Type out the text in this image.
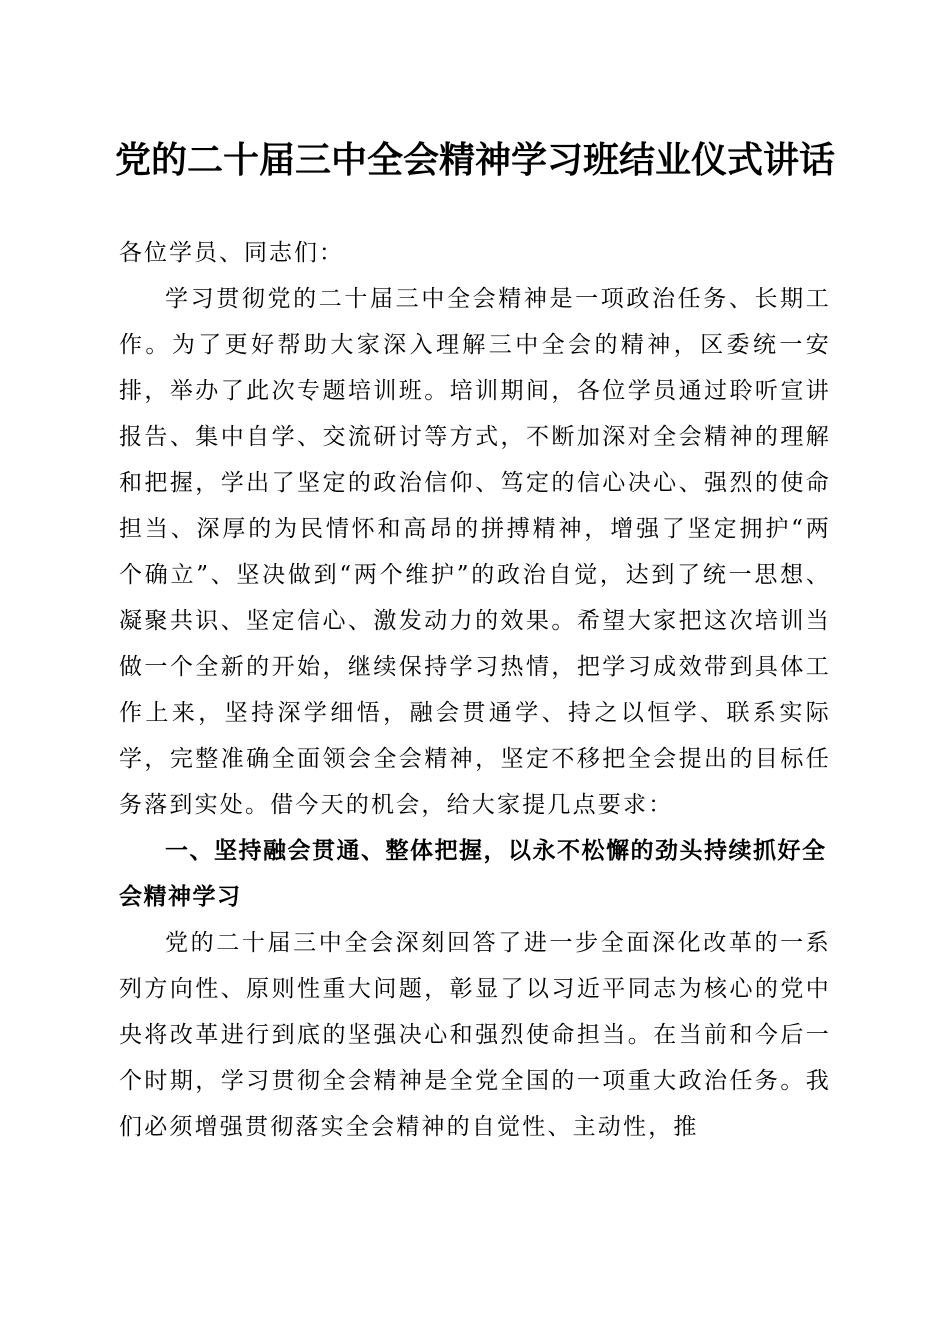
党的二十届三中全会精神学习班结业仪式讲话

各位学员、同志们：

学习贯彻党的二十届三中全会精神是一项政治任务、长期工作。为了更好帮助大家深入理解三中全会的精神，区委统一安排，举办了此次专题培训班。培训期间，各位学员通过聆听宣讲报告、集中自学、交流研讨等方式，不断加深对全会精神的理解和把握，学出了坚定的政治信仰、笃定的信心决心、强烈的使命担当、深厚的为民情怀和高昂的拼搏精神，增强了坚定拥护“两个确立”、坚决做到“两个维护”的政治自觉，达到了统一思想、凝聚共识、坚定信心、激发动力的效果。希望大家把这次培训当做一个全新的开始，继续保持学习热情，把学习成效带到具体工作上来，坚持深学细悟，融会贯通学、持之以恒学、联系实际学，完整准确全面领会全会精神，坚定不移把全会提出的目标任务落到实处。借今天的机会，给大家提几点要求：

一、坚持融会贯通、整体把握，以永不松懈的劲头持续抓好全会精神学习

党的二十届三中全会深刻回答了进一步全面深化改革的一系列方向性、原则性重大问题，彰显了以习近平同志为核心的党中央将改革进行到底的坚强决心和强烈使命担当。在当前和今后一个时期，学习贯彻全会精神是全党全国的一项重大政治任务。我们必须增强贯彻落实全会精神的自觉性、主动性，推
